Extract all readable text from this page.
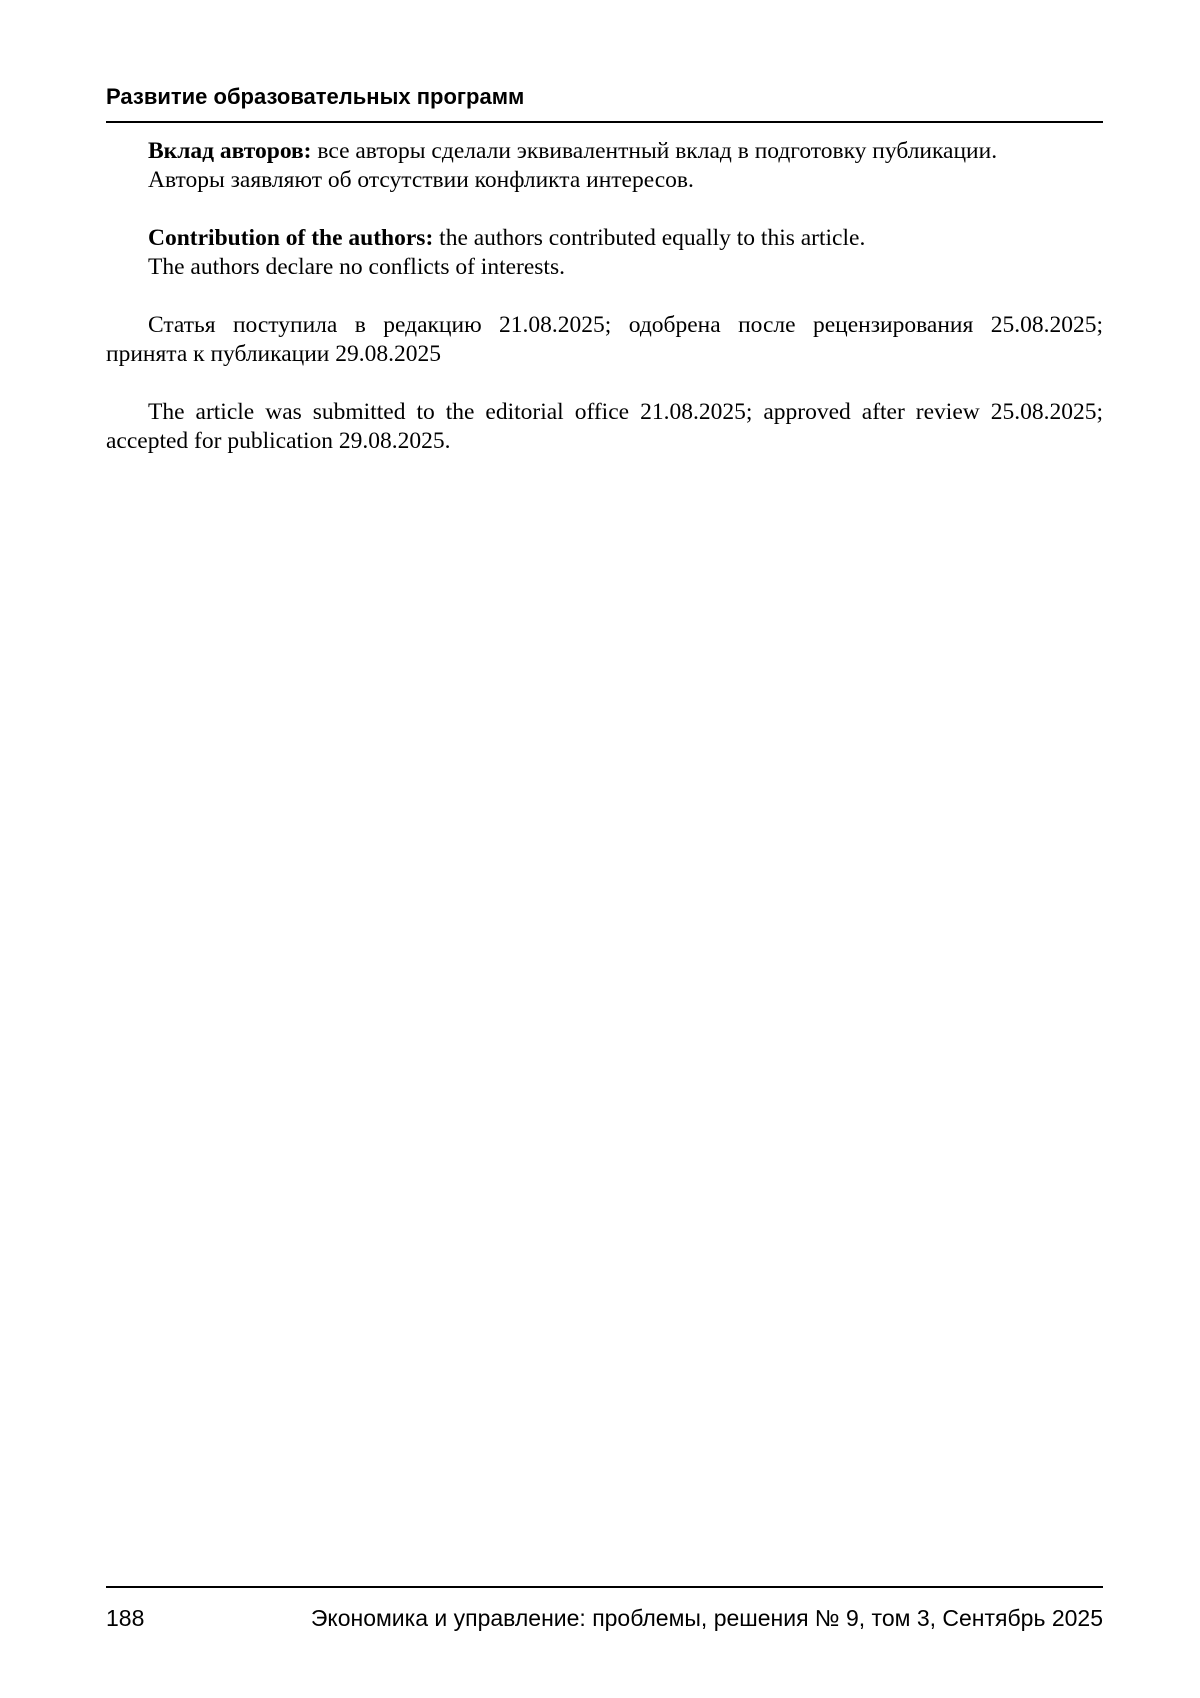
Развитие образовательных программ
Вклад авторов: все авторы сделали эквивалентный вклад в подготовку публикации.
Авторы заявляют об отсутствии конфликта интересов.
Contribution of the authors: the authors contributed equally to this article.
The authors declare no conflicts of interests.
Статья поступила в редакцию 21.08.2025; одобрена после рецензирования 25.08.2025;
принята к публикации 29.08.2025
The article was submitted to the editorial office 21.08.2025; approved after review 25.08.2025;
accepted for publication 29.08.2025.
188	Экономика и управление: проблемы, решения № 9, том 3, Сентябрь 2025
